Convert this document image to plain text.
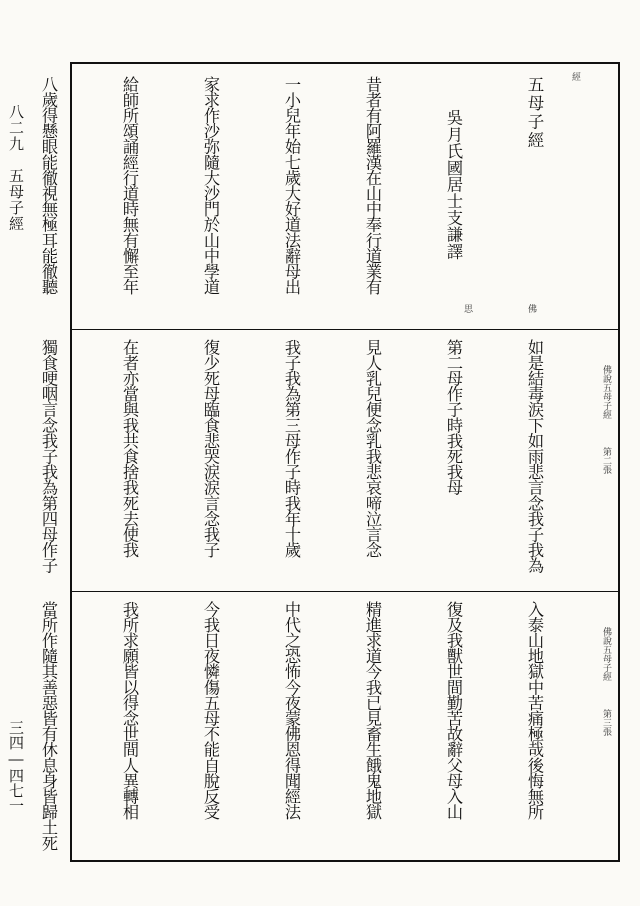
八二九　五母子經
三四―四七一

五母子經

　　吳月氏國居士支謙譯

昔者有阿羅漢在山中奉行道業有

一小兒年始七歲大好道法辭母出

家求作沙弥隨大沙門於山中學道

給師所頌誦經行道時無有懈至年

八歲得懸眼能徹視無極耳能徹聽

思	佛
經

如是結毒涙下如雨悲言念我子我為

第二母作子時我死我母

見人乳兒便念乳我悲哀啼泣言念

我子我為第三母作子時我年十歲

復少死母臨食悲哭涙涙言念我子

在者亦當與我共食捨我死去使我

獨食哽咽言念我子我為第四母作子

	佛說五母子經
第二張

入泰山地獄中苦痛極哉後悔無所

復及我獸世間勤苦故辭父母入山

精進求道今我已見畜生餓鬼地獄

中代之恐怖今夜蒙佛恩得聞經法

今我日夜憐傷五母不能自脫反受

我所求願皆以得念世間人異轉相

當所作隨其善惡皆有休息身皆歸土死

	佛說五母子經
第三張
